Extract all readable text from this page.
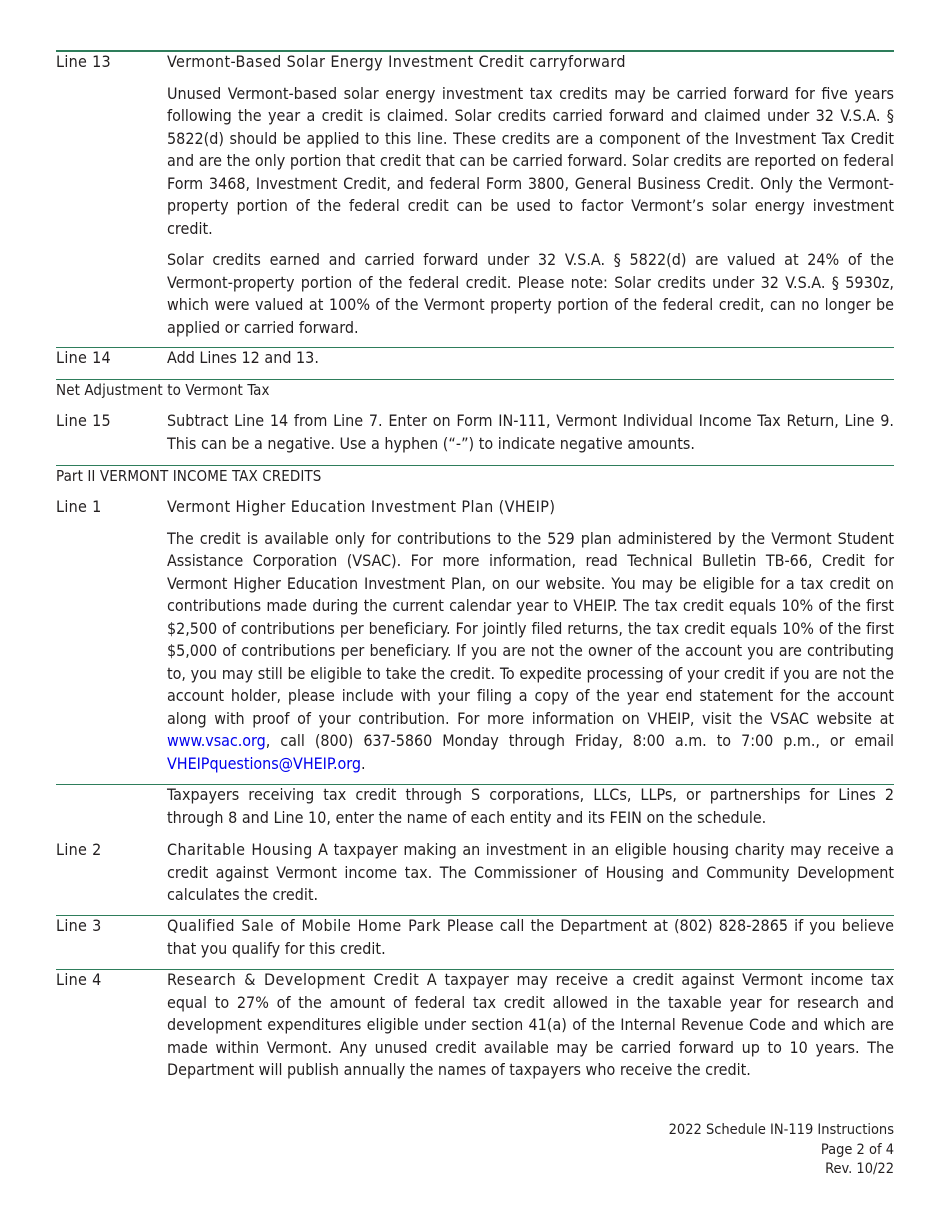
Line 13	Vermont-Based Solar Energy Investment Credit carryforward

Unused Vermont-based solar energy investment tax credits may be carried forward for five years following the year a credit is claimed. Solar credits carried forward and claimed under 32 V.S.A. § 5822(d) should be applied to this line. These credits are a component of the Investment Tax Credit and are the only portion that credit that can be carried forward. Solar credits are reported on federal Form 3468, Investment Credit, and federal Form 3800, General Business Credit. Only the Vermont-property portion of the federal credit can be used to factor Vermont’s solar energy investment credit.

Solar credits earned and carried forward under 32 V.S.A. § 5822(d) are valued at 24% of the Vermont-property portion of the federal credit. Please note: Solar credits under 32 V.S.A. § 5930z, which were valued at 100% of the Vermont property portion of the federal credit, can no longer be applied or carried forward.

Line 14	Add Lines 12 and 13.

Net Adjustment to Vermont Tax
Line 15	Subtract Line 14 from Line 7. Enter on Form IN-111, Vermont Individual Income Tax Return, Line 9. This can be a negative. Use a hyphen (“-”) to indicate negative amounts.

Part II VERMONT INCOME TAX CREDITS
Line 1	Vermont Higher Education Investment Plan (VHEIP)

The credit is available only for contributions to the 529 plan administered by the Vermont Student Assistance Corporation (VSAC). For more information, read Technical Bulletin TB-66, Credit for Vermont Higher Education Investment Plan, on our website. You may be eligible for a tax credit on contributions made during the current calendar year to VHEIP. The tax credit equals 10% of the first $2,500 of contributions per beneficiary. For jointly filed returns, the tax credit equals 10% of the first $5,000 of contributions per beneficiary. If you are not the owner of the account you are contributing to, you may still be eligible to take the credit. To expedite processing of your credit if you are not the account holder, please include with your filing a copy of the year end statement for the account along with proof of your contribution. For more information on VHEIP, visit the VSAC website at www.vsac.org, call (800) 637-5860 Monday through Friday, 8:00 a.m. to 7:00 p.m., or email VHEIPquestions@VHEIP.org.

Taxpayers receiving tax credit through S corporations, LLCs, LLPs, or partnerships for Lines 2 through 8 and Line 10, enter the name of each entity and its FEIN on the schedule.

Line 2	Charitable Housing A taxpayer making an investment in an eligible housing charity may receive a credit against Vermont income tax. The Commissioner of Housing and Community Development calculates the credit.

Line 3	Qualified Sale of Mobile Home Park Please call the Department at (802) 828-2865 if you believe that you qualify for this credit.

Line 4	Research & Development Credit A taxpayer may receive a credit against Vermont income tax equal to 27% of the amount of federal tax credit allowed in the taxable year for research and development expenditures eligible under section 41(a) of the Internal Revenue Code and which are made within Vermont. Any unused credit available may be carried forward up to 10 years. The Department will publish annually the names of taxpayers who receive the credit.

2022 Schedule IN-119 Instructions
Page 2 of 4
Rev. 10/22
